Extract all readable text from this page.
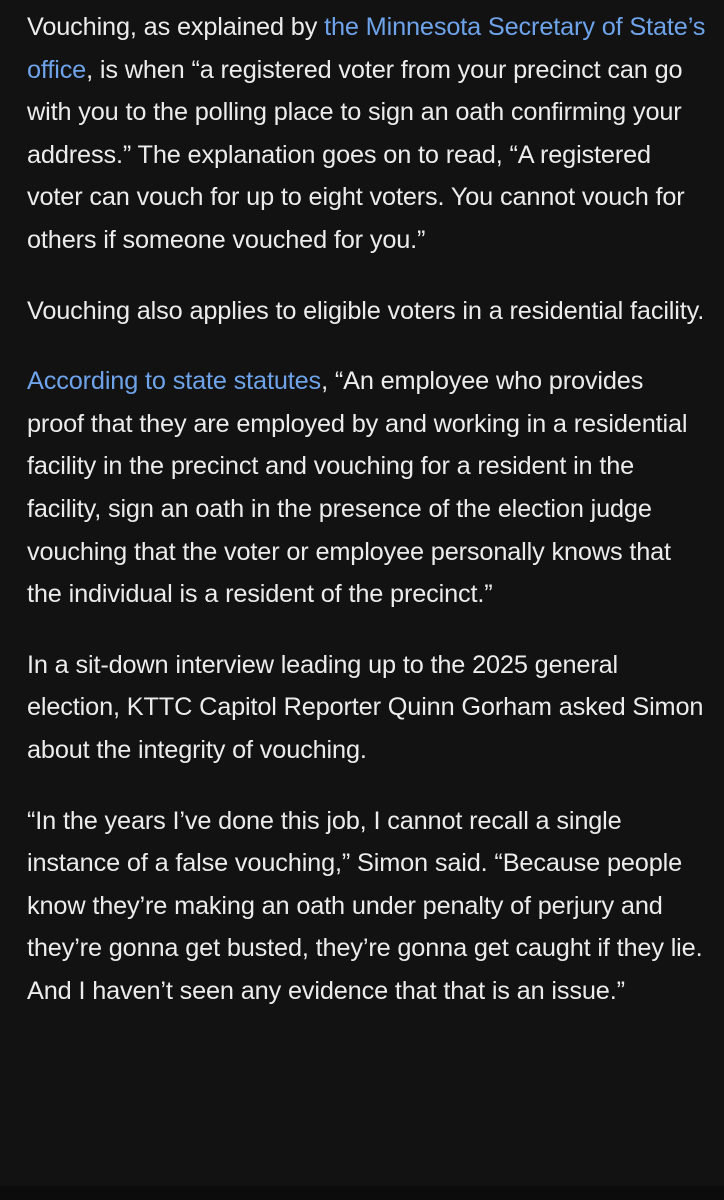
Vouching, as explained by the Minnesota Secretary of State’s office, is when “a registered voter from your precinct can go with you to the polling place to sign an oath confirming your address.” The explanation goes on to read, “A registered voter can vouch for up to eight voters. You cannot vouch for others if someone vouched for you.”

Vouching also applies to eligible voters in a residential facility.

According to state statutes, “An employee who provides proof that they are employed by and working in a residential facility in the precinct and vouching for a resident in the facility, sign an oath in the presence of the election judge vouching that the voter or employee personally knows that the individual is a resident of the precinct.”

In a sit-down interview leading up to the 2025 general election, KTTC Capitol Reporter Quinn Gorham asked Simon about the integrity of vouching.

“In the years I’ve done this job, I cannot recall a single instance of a false vouching,” Simon said. “Because people know they’re making an oath under penalty of perjury and they’re gonna get busted, they’re gonna get caught if they lie. And I haven’t seen any evidence that that is an issue.”
